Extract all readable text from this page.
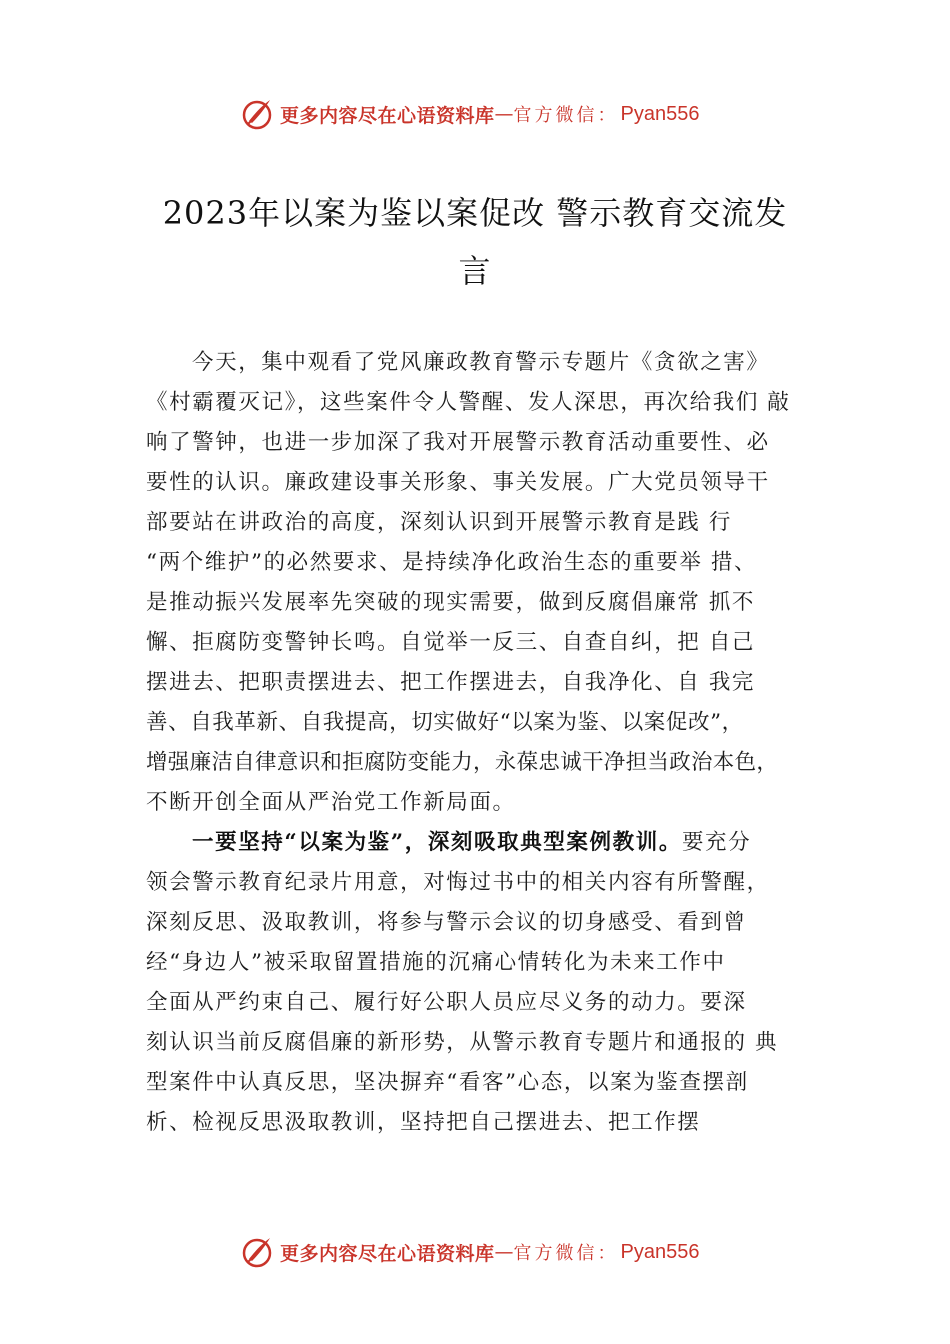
更多内容尽在心语资料库 — 官方微信： Pyan556
2023年以案为鉴以案促改 警示教育交流发
言
今天，集中观看了党风廉政教育警示专题片《贪欲之害》
《村霸覆灭记》，这些案件令人警醒、发人深思，再次给我们 敲
响了警钟，也进一步加深了我对开展警示教育活动重要性、必
要性的认识。廉政建设事关形象、事关发展。广大党员领导干
部要站在讲政治的高度，深刻认识到开展警示教育是践 行
“两个维护”的必然要求、是持续净化政治生态的重要举 措、
是推动振兴发展率先突破的现实需要，做到反腐倡廉常 抓不
懈、拒腐防变警钟长鸣。自觉举一反三、自查自纠，把 自己
摆进去、把职责摆进去、把工作摆进去，自我净化、自 我完
善、自我革新、自我提高，切实做好“以案为鉴、以案促改”，
增强廉洁自律意识和拒腐防变能力，永葆忠诚干净担当政治本色，
不断开创全面从严治党工作新局面。
一要坚持“以案为鉴”，深刻吸取典型案例教训。要充分
领会警示教育纪录片用意，对悔过书中的相关内容有所警醒，
深刻反思、汲取教训，将参与警示会议的切身感受、看到曾
经“身边人”被采取留置措施的沉痛心情转化为未来工作中
全面从严约束自己、履行好公职人员应尽义务的动力。要深
刻认识当前反腐倡廉的新形势，从警示教育专题片和通报的 典
型案件中认真反思，坚决摒弃“看客”心态，以案为鉴查摆剖
析、检视反思汲取教训，坚持把自己摆进去、把工作摆
更多内容尽在心语资料库 — 官方微信： Pyan556
